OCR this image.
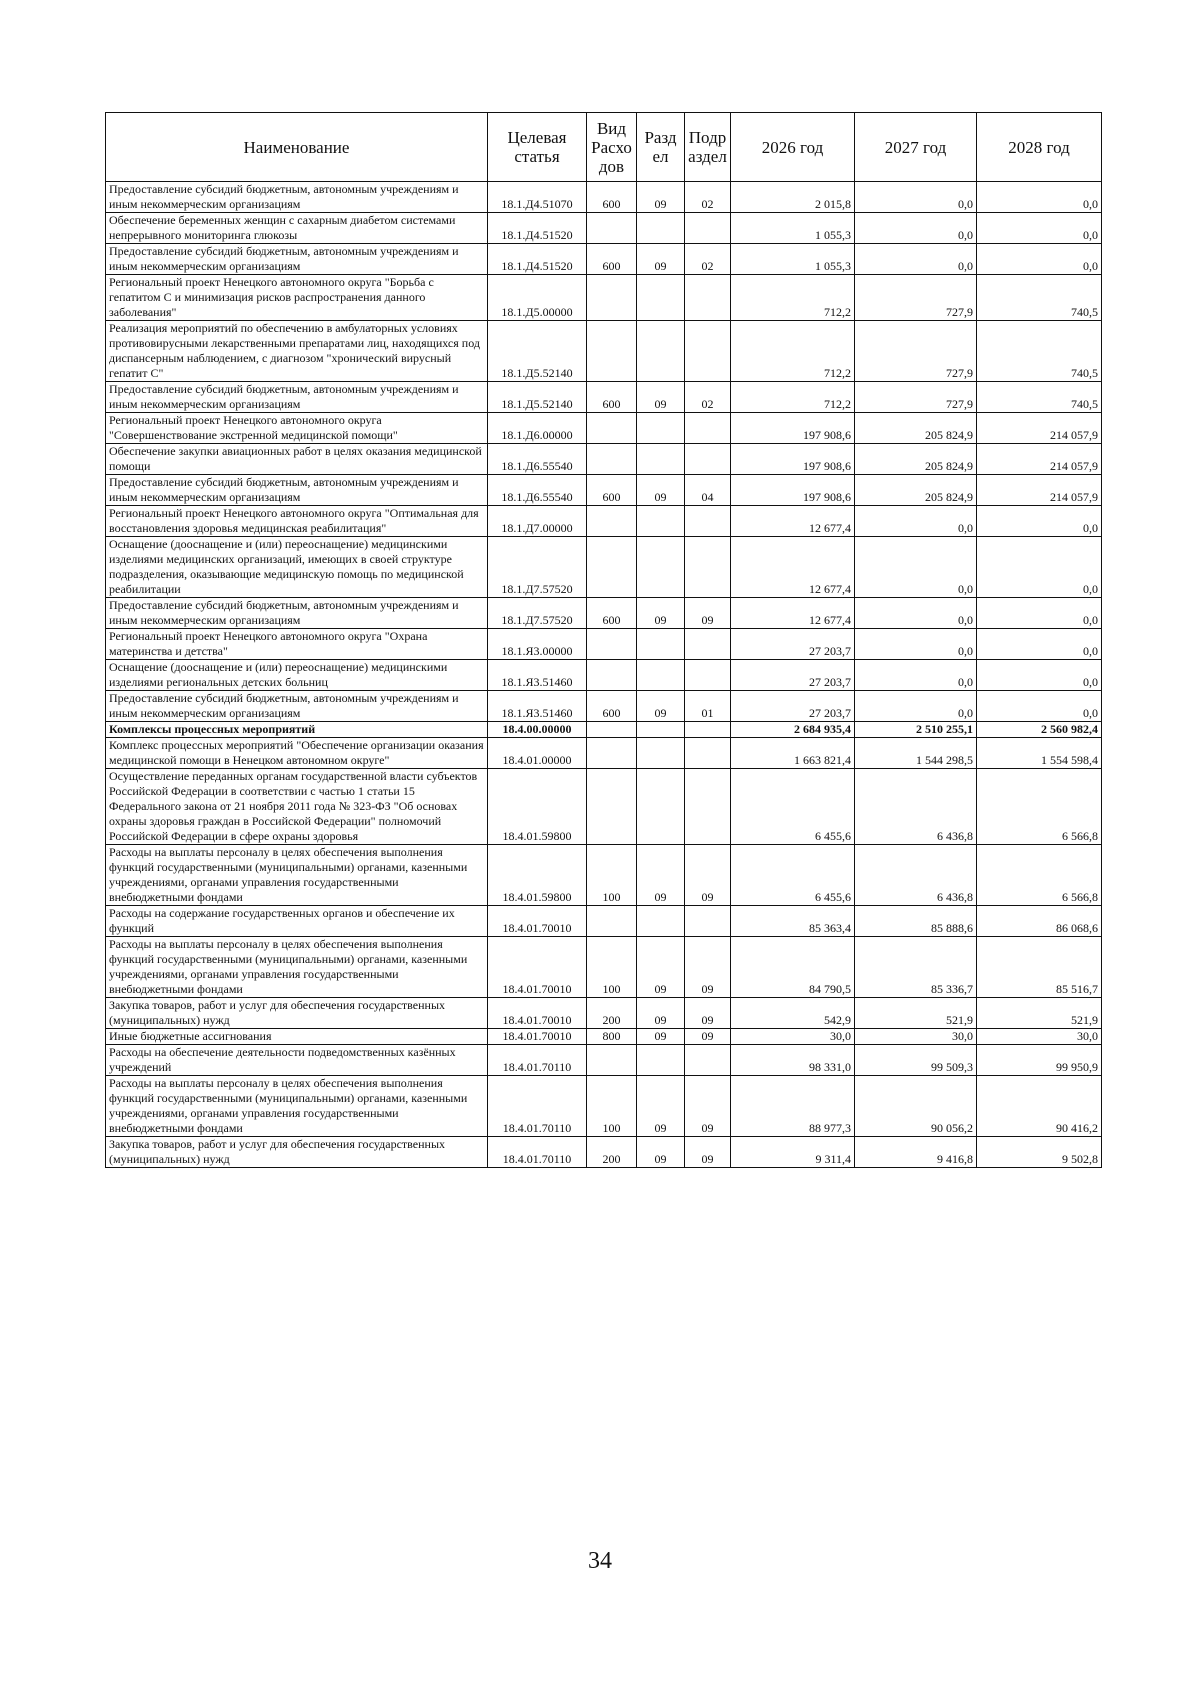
Наименование	Целевая статья	Вид Расхо дов	Разд ел	Подр аздел	2026 год	2027 год	2028 год
Предоставление субсидий бюджетным, автономным учреждениям и иным некоммерческим организациям	18.1.Д4.51070	600	09	02	2 015,8	0,0	0,0
Обеспечение беременных женщин с сахарным диабетом системами непрерывного мониторинга глюкозы	18.1.Д4.51520				1 055,3	0,0	0,0
Предоставление субсидий бюджетным, автономным учреждениям и иным некоммерческим организациям	18.1.Д4.51520	600	09	02	1 055,3	0,0	0,0
Региональный проект Ненецкого автономного округа "Борьба с гепатитом С и минимизация рисков распространения данного заболевания"	18.1.Д5.00000				712,2	727,9	740,5
Реализация мероприятий по обеспечению в амбулаторных условиях противовирусными лекарственными препаратами лиц, находящихся под диспансерным наблюдением, с диагнозом "хронический вирусный гепатит С"	18.1.Д5.52140				712,2	727,9	740,5
Предоставление субсидий бюджетным, автономным учреждениям и иным некоммерческим организациям	18.1.Д5.52140	600	09	02	712,2	727,9	740,5
Региональный проект Ненецкого автономного округа "Совершенствование экстренной медицинской помощи"	18.1.Д6.00000				197 908,6	205 824,9	214 057,9
Обеспечение закупки авиационных работ в целях оказания медицинской помощи	18.1.Д6.55540				197 908,6	205 824,9	214 057,9
Предоставление субсидий бюджетным, автономным учреждениям и иным некоммерческим организациям	18.1.Д6.55540	600	09	04	197 908,6	205 824,9	214 057,9
Региональный проект Ненецкого автономного округа "Оптимальная для восстановления здоровья медицинская реабилитация"	18.1.Д7.00000				12 677,4	0,0	0,0
Оснащение (дооснащение и (или) переоснащение) медицинскими изделиями медицинских организаций, имеющих в своей структуре подразделения, оказывающие медицинскую помощь по медицинской реабилитации	18.1.Д7.57520				12 677,4	0,0	0,0
Предоставление субсидий бюджетным, автономным учреждениям и иным некоммерческим организациям	18.1.Д7.57520	600	09	09	12 677,4	0,0	0,0
Региональный проект Ненецкого автономного округа "Охрана материнства и детства"	18.1.Я3.00000				27 203,7	0,0	0,0
Оснащение (дооснащение и (или) переоснащение) медицинскими изделиями региональных детских больниц	18.1.Я3.51460				27 203,7	0,0	0,0
Предоставление субсидий бюджетным, автономным учреждениям и иным некоммерческим организациям	18.1.Я3.51460	600	09	01	27 203,7	0,0	0,0
Комплексы процессных мероприятий	18.4.00.00000				2 684 935,4	2 510 255,1	2 560 982,4
Комплекс процессных мероприятий "Обеспечение организации оказания медицинской помощи в Ненецком автономном округе"	18.4.01.00000				1 663 821,4	1 544 298,5	1 554 598,4
Осуществление переданных органам государственной власти субъектов Российской Федерации в соответствии с частью 1 статьи 15 Федерального закона от 21 ноября 2011 года № 323-ФЗ "Об основах охраны здоровья граждан в Российской Федерации" полномочий Российской Федерации в сфере охраны здоровья	18.4.01.59800				6 455,6	6 436,8	6 566,8
Расходы на выплаты персоналу в целях обеспечения выполнения функций государственными (муниципальными) органами, казенными учреждениями, органами управления государственными внебюджетными фондами	18.4.01.59800	100	09	09	6 455,6	6 436,8	6 566,8
Расходы на содержание государственных органов и обеспечение их функций	18.4.01.70010				85 363,4	85 888,6	86 068,6
Расходы на выплаты персоналу в целях обеспечения выполнения функций государственными (муниципальными) органами, казенными учреждениями, органами управления государственными внебюджетными фондами	18.4.01.70010	100	09	09	84 790,5	85 336,7	85 516,7
Закупка товаров, работ и услуг для обеспечения государственных (муниципальных) нужд	18.4.01.70010	200	09	09	542,9	521,9	521,9
Иные бюджетные ассигнования	18.4.01.70010	800	09	09	30,0	30,0	30,0
Расходы на обеспечение деятельности подведомственных казённых учреждений	18.4.01.70110				98 331,0	99 509,3	99 950,9
Расходы на выплаты персоналу в целях обеспечения выполнения функций государственными (муниципальными) органами, казенными учреждениями, органами управления государственными внебюджетными фондами	18.4.01.70110	100	09	09	88 977,3	90 056,2	90 416,2
Закупка товаров, работ и услуг для обеспечения государственных (муниципальных) нужд	18.4.01.70110	200	09	09	9 311,4	9 416,8	9 502,8
34
